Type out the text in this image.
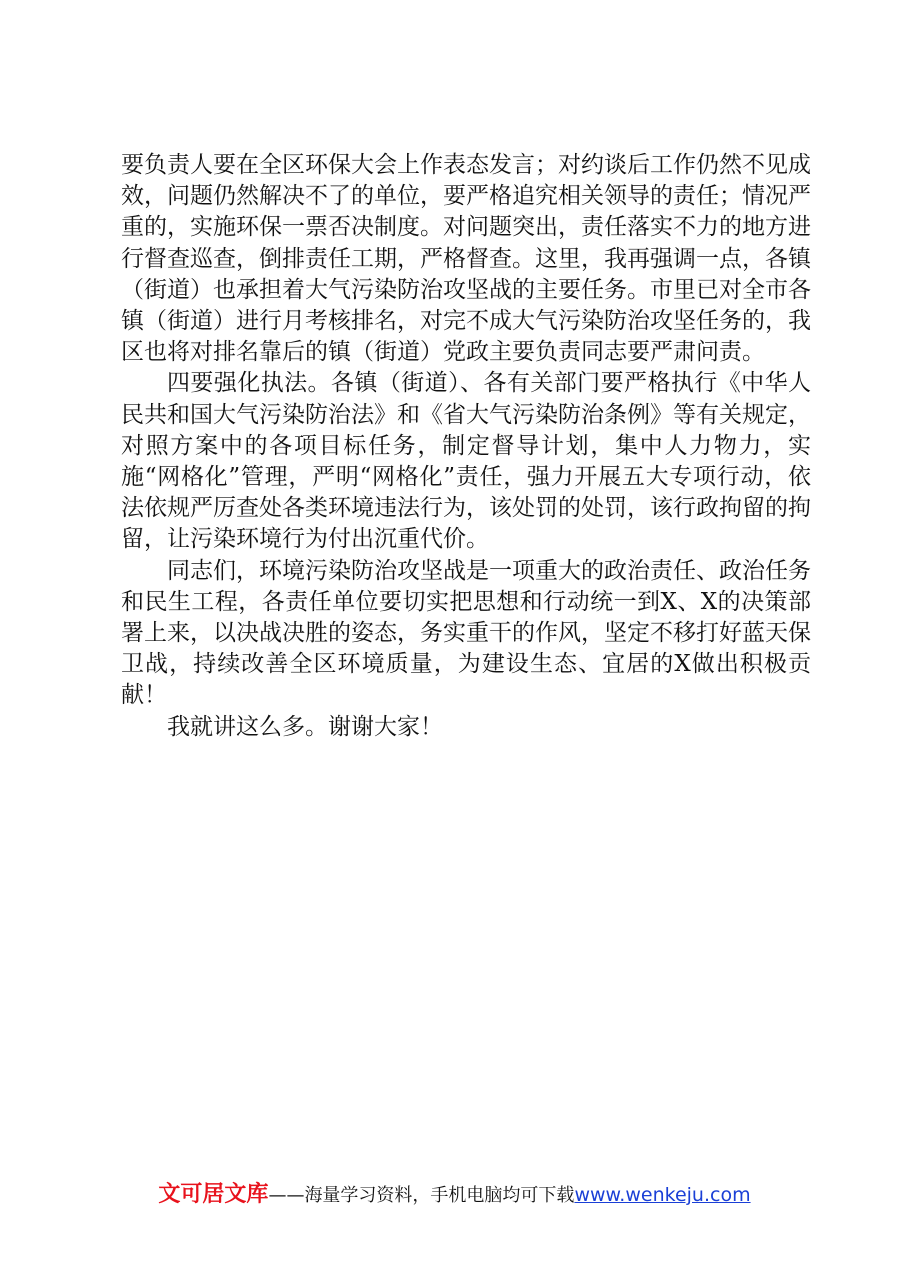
要负责人要在全区环保大会上作表态发言；对约谈后工作仍然不见成效，问题仍然解决不了的单位，要严格追究相关领导的责任；情况严重的，实施环保一票否决制度。对问题突出，责任落实不力的地方进行督查巡查，倒排责任工期，严格督查。这里，我再强调一点，各镇（街道）也承担着大气污染防治攻坚战的主要任务。市里已对全市各镇（街道）进行月考核排名，对完不成大气污染防治攻坚任务的，我区也将对排名靠后的镇（街道）党政主要负责同志要严肃问责。

四要强化执法。各镇（街道）、各有关部门要严格执行《中华人民共和国大气污染防治法》和《省大气污染防治条例》等有关规定，对照方案中的各项目标任务，制定督导计划，集中人力物力，实施“网格化”管理，严明“网格化”责任，强力开展五大专项行动，依法依规严厉查处各类环境违法行为，该处罚的处罚，该行政拘留的拘留，让污染环境行为付出沉重代价。

同志们，环境污染防治攻坚战是一项重大的政治责任、政治任务和民生工程，各责任单位要切实把思想和行动统一到X、X的决策部署上来，以决战决胜的姿态，务实重干的作风，坚定不移打好蓝天保卫战，持续改善全区环境质量，为建设生态、宜居的X做出积极贡献！

我就讲这么多。谢谢大家！

文可居文库——海量学习资料，手机电脑均可下载www.wenkeju.com
